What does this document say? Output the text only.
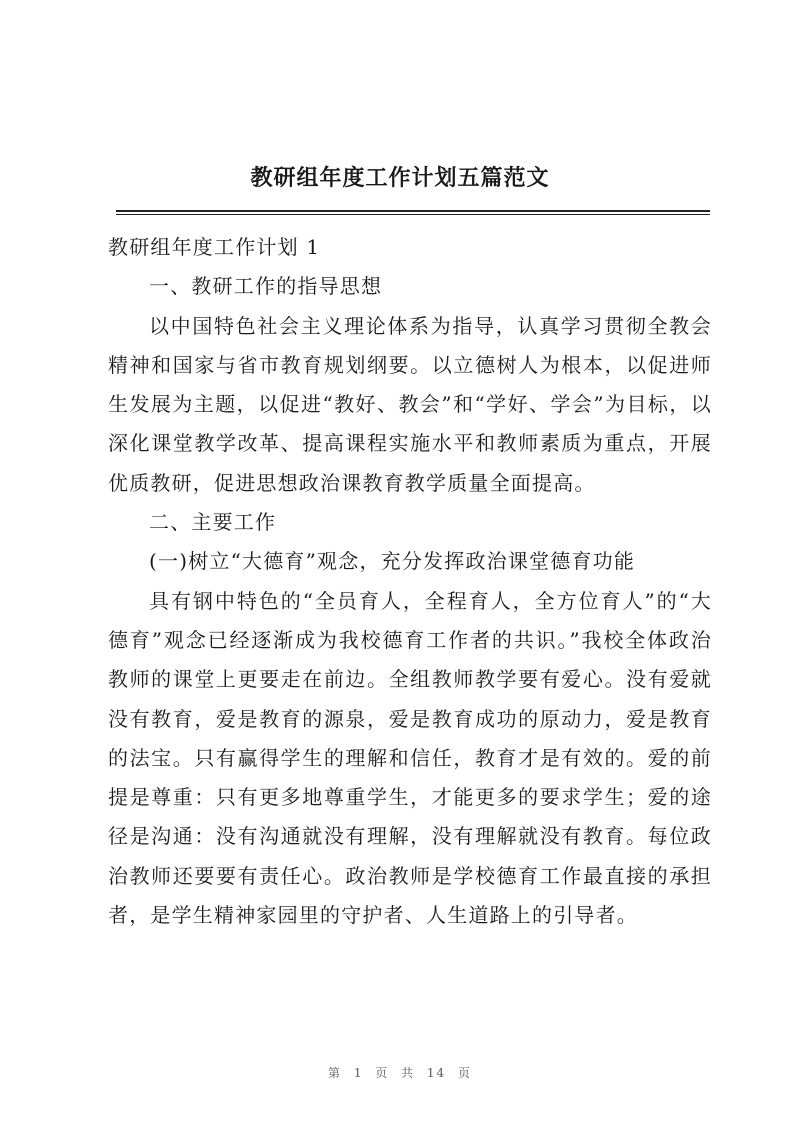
教研组年度工作计划五篇范文

教研组年度工作计划 1

一、教研工作的指导思想

以中国特色社会主义理论体系为指导，认真学习贯彻全教会精神和国家与省市教育规划纲要。以立德树人为根本，以促进师生发展为主题，以促进“教好、教会”和“学好、学会”为目标，以深化课堂教学改革、提高课程实施水平和教师素质为重点，开展优质教研，促进思想政治课教育教学质量全面提高。

二、主要工作

(一)树立“大德育”观念，充分发挥政治课堂德育功能

具有钢中特色的“全员育人，全程育人，全方位育人”的“大德育”观念已经逐渐成为我校德育工作者的共识。”我校全体政治教师的课堂上更要走在前边。全组教师教学要有爱心。没有爱就没有教育，爱是教育的源泉，爱是教育成功的原动力，爱是教育的法宝。只有赢得学生的理解和信任，教育才是有效的。爱的前提是尊重：只有更多地尊重学生，才能更多的要求学生；爱的途径是沟通：没有沟通就没有理解，没有理解就没有教育。每位政治教师还要要有责任心。政治教师是学校德育工作最直接的承担者，是学生精神家园里的守护者、人生道路上的引导者。

第 1 页 共 14 页
